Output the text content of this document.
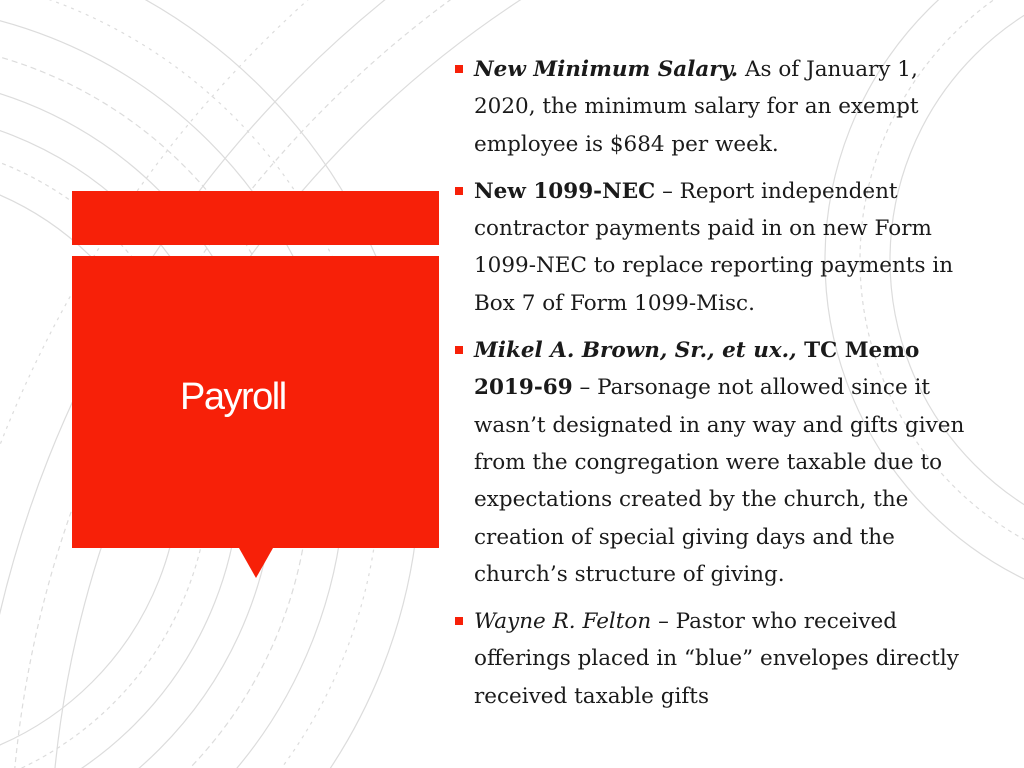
Payroll
New Minimum Salary. As of January 1, 2020, the minimum salary for an exempt employee is $684 per week.
New 1099-NEC – Report independent contractor payments paid in on new Form 1099-NEC to replace reporting payments in Box 7 of Form 1099-Misc.
Mikel A. Brown, Sr., et ux., TC Memo 2019-69 – Parsonage not allowed since it wasn’t designated in any way and gifts given from the congregation were taxable due to expectations created by the church, the creation of special giving days and the church’s structure of giving.
Wayne R. Felton – Pastor who received offerings placed in “blue” envelopes directly received taxable gifts
